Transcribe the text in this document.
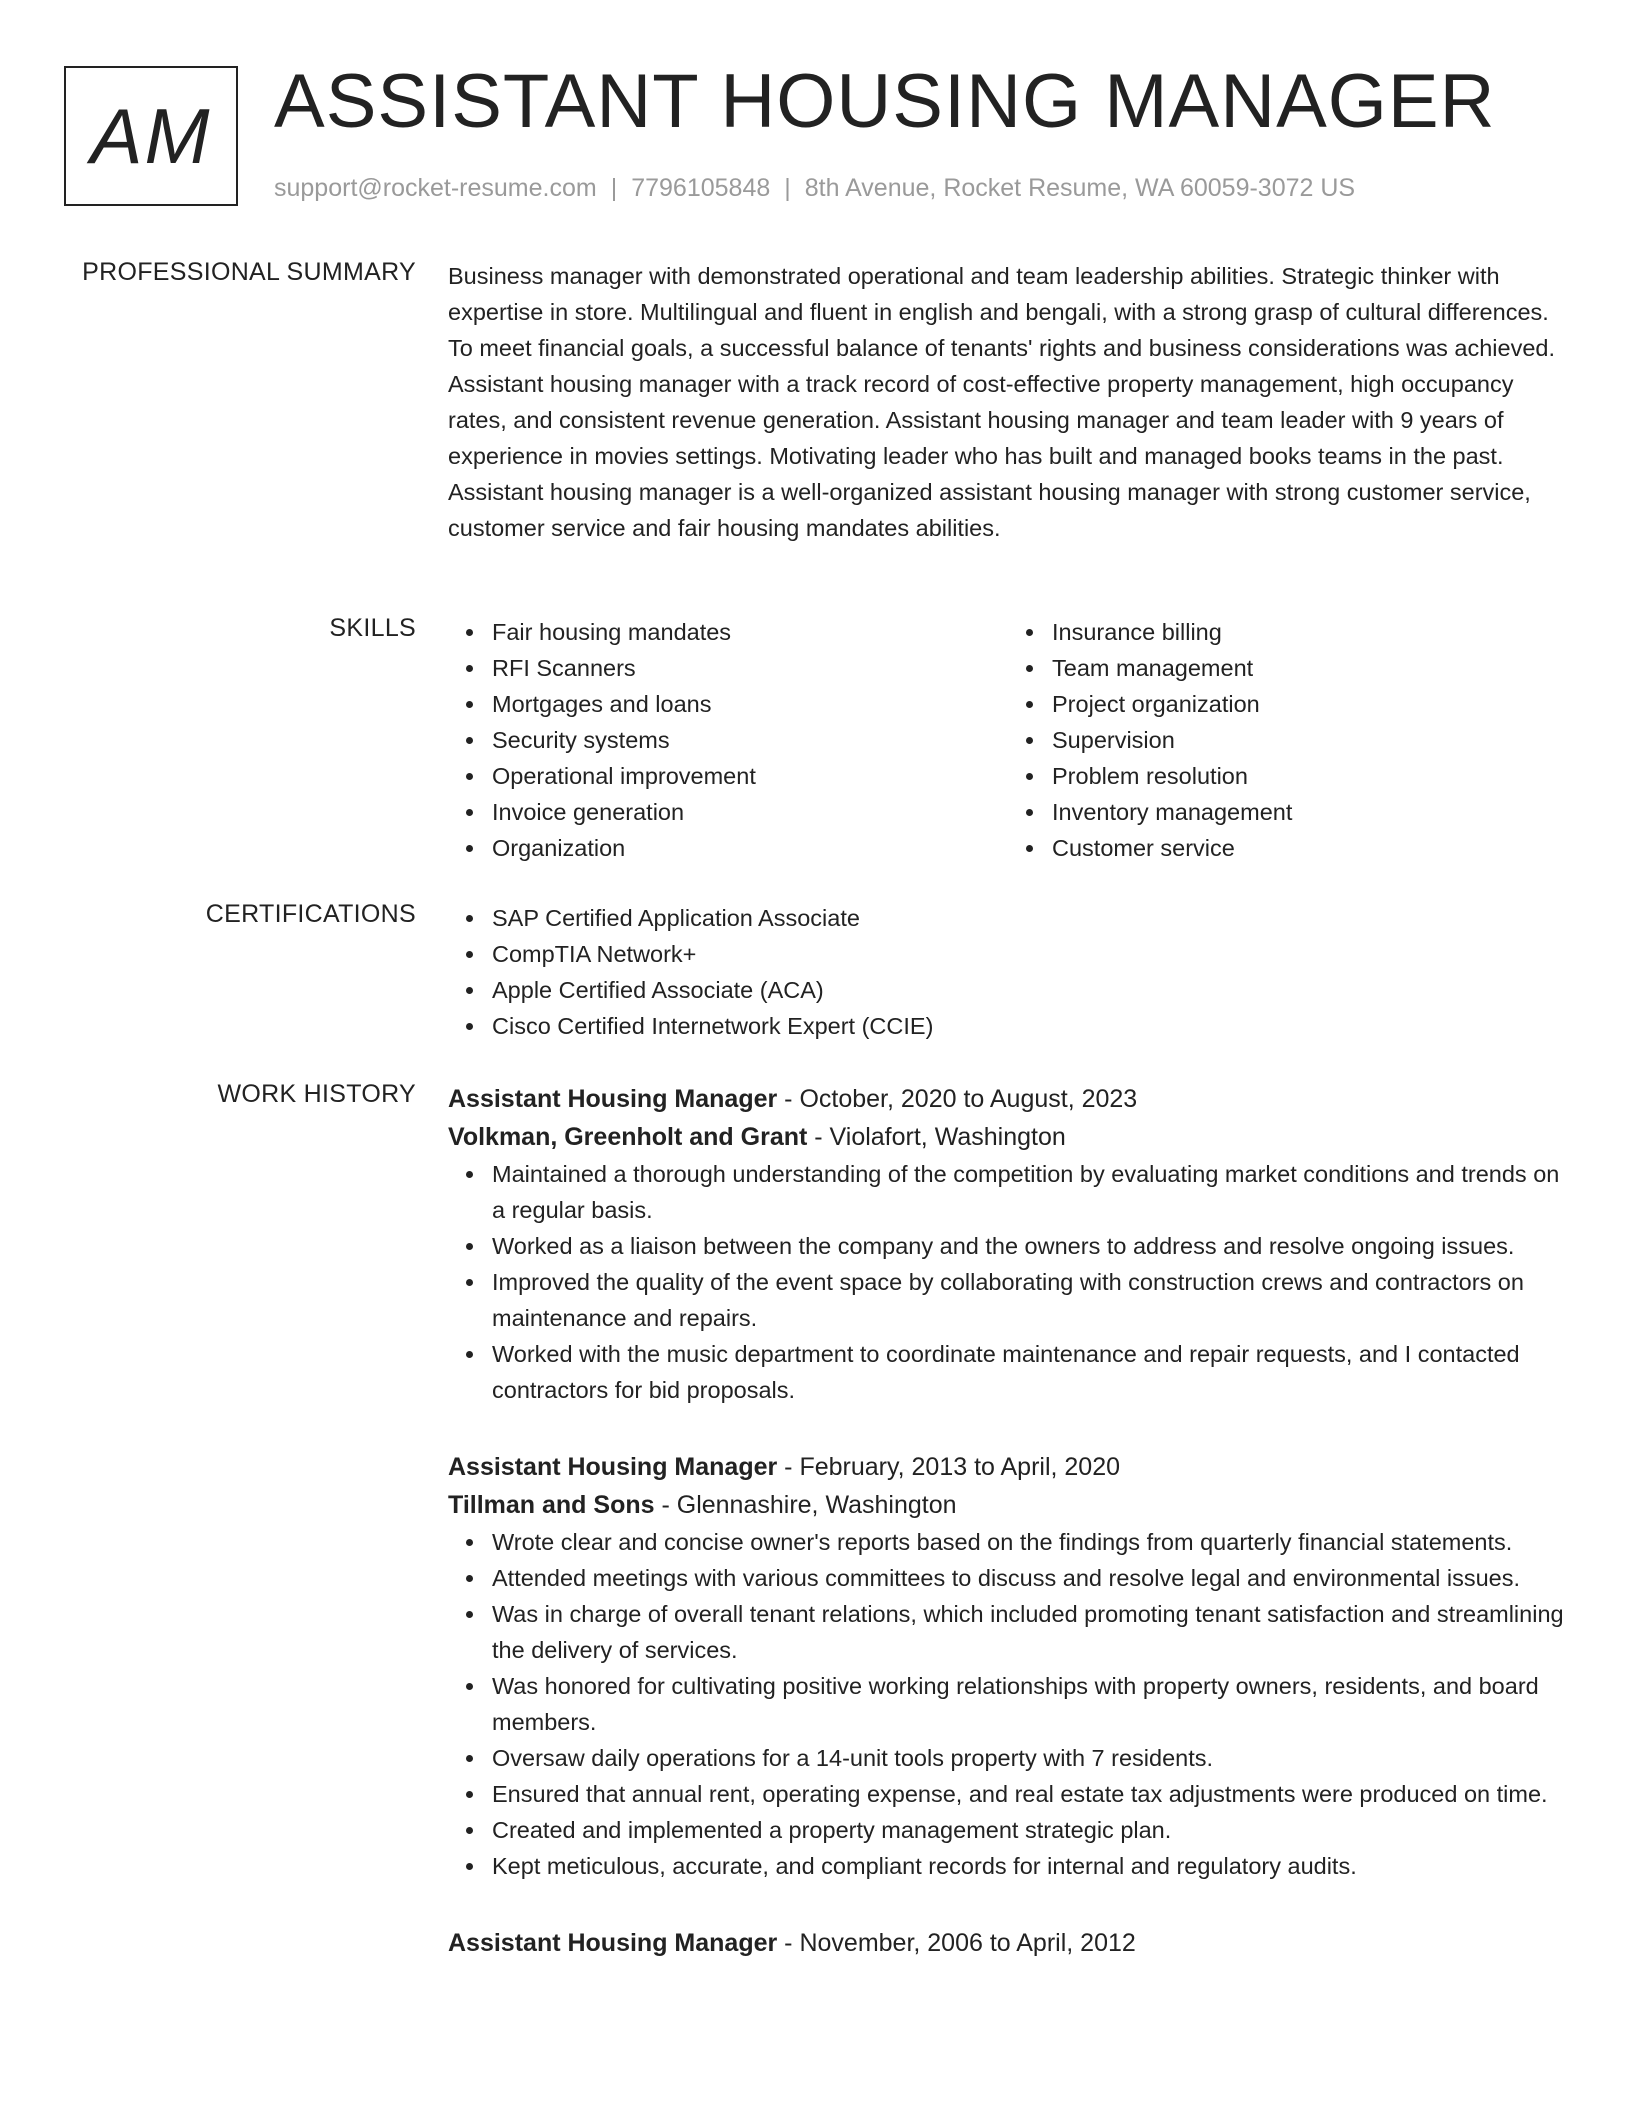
AM ASSISTANT HOUSING MANAGER
support@rocket-resume.com | 7796105848 | 8th Avenue, Rocket Resume, WA 60059-3072 US
PROFESSIONAL SUMMARY Business manager with demonstrated operational and team leadership abilities. Strategic thinker with expertise in store. Multilingual and fluent in english and bengali, with a strong grasp of cultural differences. To meet financial goals, a successful balance of tenants' rights and business considerations was achieved. Assistant housing manager with a track record of cost-effective property management, high occupancy rates, and consistent revenue generation. Assistant housing manager and team leader with 9 years of experience in movies settings. Motivating leader who has built and managed books teams in the past. Assistant housing manager is a well-organized assistant housing manager with strong customer service, customer service and fair housing mandates abilities.

SKILLS	Fair housing mandates
RFI Scanners
Mortgages and loans
Security systems
Operational improvement
Invoice generation
Organization
Insurance billing
Team management
Project organization
Supervision
Problem resolution
Inventory management
Customer service
CERTIFICATIONS	SAP Certified Application Associate
CompTIA Network+
Apple Certified Associate (ACA)
Cisco Certified Internetwork Expert (CCIE)
WORK HISTORY Assistant Housing Manager - October, 2020 to August, 2023
Volkman, Greenholt and Grant - Violafort, Washington
Maintained a thorough understanding of the competition by evaluating market conditions and trends on a regular basis.
Worked as a liaison between the company and the owners to address and resolve ongoing issues.
Improved the quality of the event space by collaborating with construction crews and contractors on maintenance and repairs.
Worked with the music department to coordinate maintenance and repair requests, and I contacted contractors for bid proposals.
Assistant Housing Manager - February, 2013 to April, 2020
Tillman and Sons - Glennashire, Washington
Wrote clear and concise owner's reports based on the findings from quarterly financial statements.
Attended meetings with various committees to discuss and resolve legal and environmental issues.
Was in charge of overall tenant relations, which included promoting tenant satisfaction and streamlining the delivery of services.
Was honored for cultivating positive working relationships with property owners, residents, and board members.
Oversaw daily operations for a 14-unit tools property with 7 residents.
Ensured that annual rent, operating expense, and real estate tax adjustments were produced on time.
Created and implemented a property management strategic plan.
Kept meticulous, accurate, and compliant records for internal and regulatory audits.
Assistant Housing Manager - November, 2006 to April, 2012
